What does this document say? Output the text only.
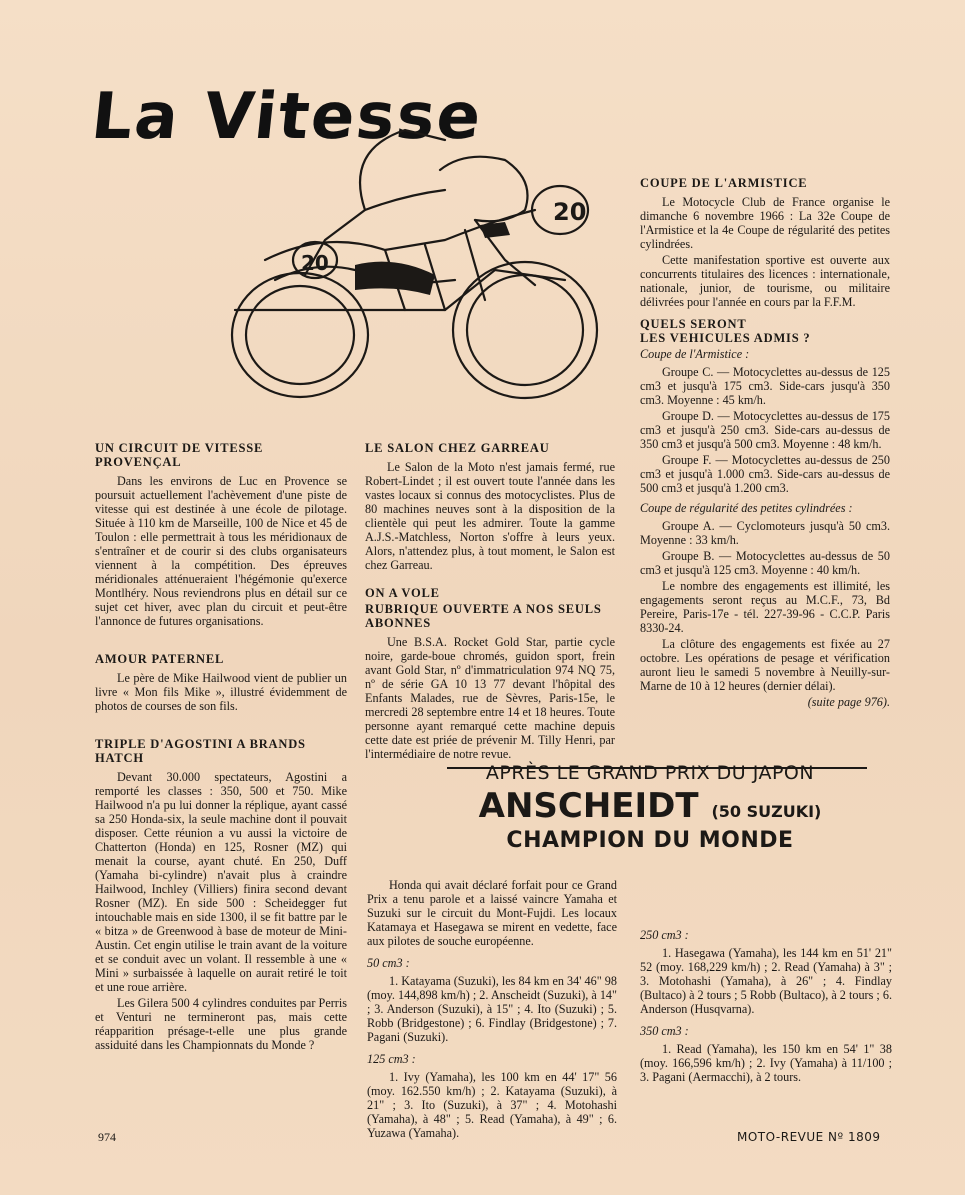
La Vitesse
20
20
UN CIRCUIT DE VITESSE PROVENÇAL

Dans les environs de Luc en Provence se poursuit actuellement l'achèvement d'une piste de vitesse qui est destinée à une école de pilotage. Située à 110 km de Marseille, 100 de Nice et 45 de Toulon : elle permettrait à tous les méridionaux de s'entraîner et de courir si des clubs organisateurs viennent à la compétition. Des épreuves méridionales atténueraient l'hégémonie qu'exerce Montlhéry. Nous reviendrons plus en détail sur ce sujet cet hiver, avec plan du circuit et peut-être l'annonce de futures organisations.

AMOUR PATERNEL

Le père de Mike Hailwood vient de publier un livre « Mon fils Mike », illustré évidemment de photos de courses de son fils.

TRIPLE D'AGOSTINI A BRANDS HATCH

Devant 30.000 spectateurs, Agostini a remporté les classes : 350, 500 et 750. Mike Hailwood n'a pu lui donner la réplique, ayant cassé sa 250 Honda-six, la seule machine dont il pouvait disposer. Cette réunion a vu aussi la victoire de Chatterton (Honda) en 125, Rosner (MZ) qui menait la course, ayant chuté. En 250, Duff (Yamaha bi-cylindre) n'avait plus à craindre Hailwood, Inchley (Villiers) finira second devant Rosner (MZ). En side 500 : Scheidegger fut intouchable mais en side 1300, il se fit battre par le « bitza » de Greenwood à base de moteur de Mini-Austin. Cet engin utilise le train avant de la voiture et se conduit avec un volant. Il ressemble à une « Mini » surbaissée à laquelle on aurait retiré le toit et une roue arrière.

Les Gilera 500 4 cylindres conduites par Perris et Venturi ne termineront pas, mais cette réapparition présage-t-elle une plus grande assiduité dans les Championnats du Monde ?

LE SALON CHEZ GARREAU

Le Salon de la Moto n'est jamais fermé, rue Robert-Lindet ; il est ouvert toute l'année dans les vastes locaux si connus des motocyclistes. Plus de 80 machines neuves sont à la disposition de la clientèle qui peut les admirer. Toute la gamme A.J.S.-Matchless, Norton s'offre à leurs yeux. Alors, n'attendez plus, à tout moment, le Salon est chez Garreau.

ON A VOLE
RUBRIQUE OUVERTE A NOS SEULS ABONNES

Une B.S.A. Rocket Gold Star, partie cycle noire, garde-boue chromés, guidon sport, frein avant Gold Star, nº d'immatriculation 974 NQ 75, nº de série GA 10 13 77 devant l'hôpital des Enfants Malades, rue de Sèvres, Paris-15e, le mercredi 28 septembre entre 14 et 18 heures. Toute personne ayant remarqué cette machine depuis cette date est priée de prévenir M. Tilly Henri, par l'intermédiaire de notre revue.

COUPE DE L'ARMISTICE

Le Motocycle Club de France organise le dimanche 6 novembre 1966 : La 32e Coupe de l'Armistice et la 4e Coupe de régularité des petites cylindrées.

Cette manifestation sportive est ouverte aux concurrents titulaires des licences : internationale, nationale, junior, de tourisme, ou militaire délivrées pour l'année en cours par la F.F.M.

QUELS SERONT
LES VEHICULES ADMIS ?

Coupe de l'Armistice :

Groupe C. — Motocyclettes au-dessus de 125 cm3 et jusqu'à 175 cm3. Side-cars jusqu'à 350 cm3. Moyenne : 45 km/h.

Groupe D. — Motocyclettes au-dessus de 175 cm3 et jusqu'à 250 cm3. Side-cars au-dessus de 350 cm3 et jusqu'à 500 cm3. Moyenne : 48 km/h.

Groupe F. — Motocyclettes au-dessus de 250 cm3 et jusqu'à 1.000 cm3. Side-cars au-dessus de 500 cm3 et jusqu'à 1.200 cm3.

Coupe de régularité des petites cylindrées :

Groupe A. — Cyclomoteurs jusqu'à 50 cm3. Moyenne : 33 km/h.

Groupe B. — Motocyclettes au-dessus de 50 cm3 et jusqu'à 125 cm3. Moyenne : 40 km/h.

Le nombre des engagements est illimité, les engagements seront reçus au M.C.F., 73, Bd Pereire, Paris-17e - tél. 227-39-96 - C.C.P. Paris 8330-24.

La clôture des engagements est fixée au 27 octobre. Les opérations de pesage et vérification auront lieu le samedi 5 novembre à Neuilly-sur-Marne de 10 à 12 heures (dernier délai).

(suite page 976).

APRÈS LE GRAND PRIX DU JAPON
ANSCHEIDT (50 SUZUKI)
CHAMPION DU MONDE

Honda qui avait déclaré forfait pour ce Grand Prix a tenu parole et a laissé vaincre Yamaha et Suzuki sur le circuit du Mont-Fujdi. Les locaux Katamaya et Hasegawa se mirent en vedette, face aux pilotes de souche européenne.

50 cm3 :

1. Katayama (Suzuki), les 84 km en 34' 46" 98 (moy. 144,898 km/h) ; 2. Anscheidt (Suzuki), à 14" ; 3. Anderson (Suzuki), à 15" ; 4. Ito (Suzuki) ; 5. Robb (Bridgestone) ; 6. Findlay (Bridgestone) ; 7. Pagani (Suzuki).

125 cm3 :

1. Ivy (Yamaha), les 100 km en 44' 17" 56 (moy. 162.550 km/h) ; 2. Katayama (Suzuki), à 21" ; 3. Ito (Suzuki), à 37" ; 4. Motohashi (Yamaha), à 48" ; 5. Read (Yamaha), à 49" ; 6. Yuzawa (Yamaha).

250 cm3 :

1. Hasegawa (Yamaha), les 144 km en 51' 21" 52 (moy. 168,229 km/h) ; 2. Read (Yamaha) à 3" ; 3. Motohashi (Yamaha), à 26" ; 4. Findlay (Bultaco) à 2 tours ; 5 Robb (Bultaco), à 2 tours ; 6. Anderson (Husqvarna).

350 cm3 :

1. Read (Yamaha), les 150 km en 54' 1" 38 (moy. 166,596 km/h) ; 2. Ivy (Yamaha) à 11/100 ; 3. Pagani (Aermacchi), à 2 tours.

974	MOTO-REVUE Nº 1809
